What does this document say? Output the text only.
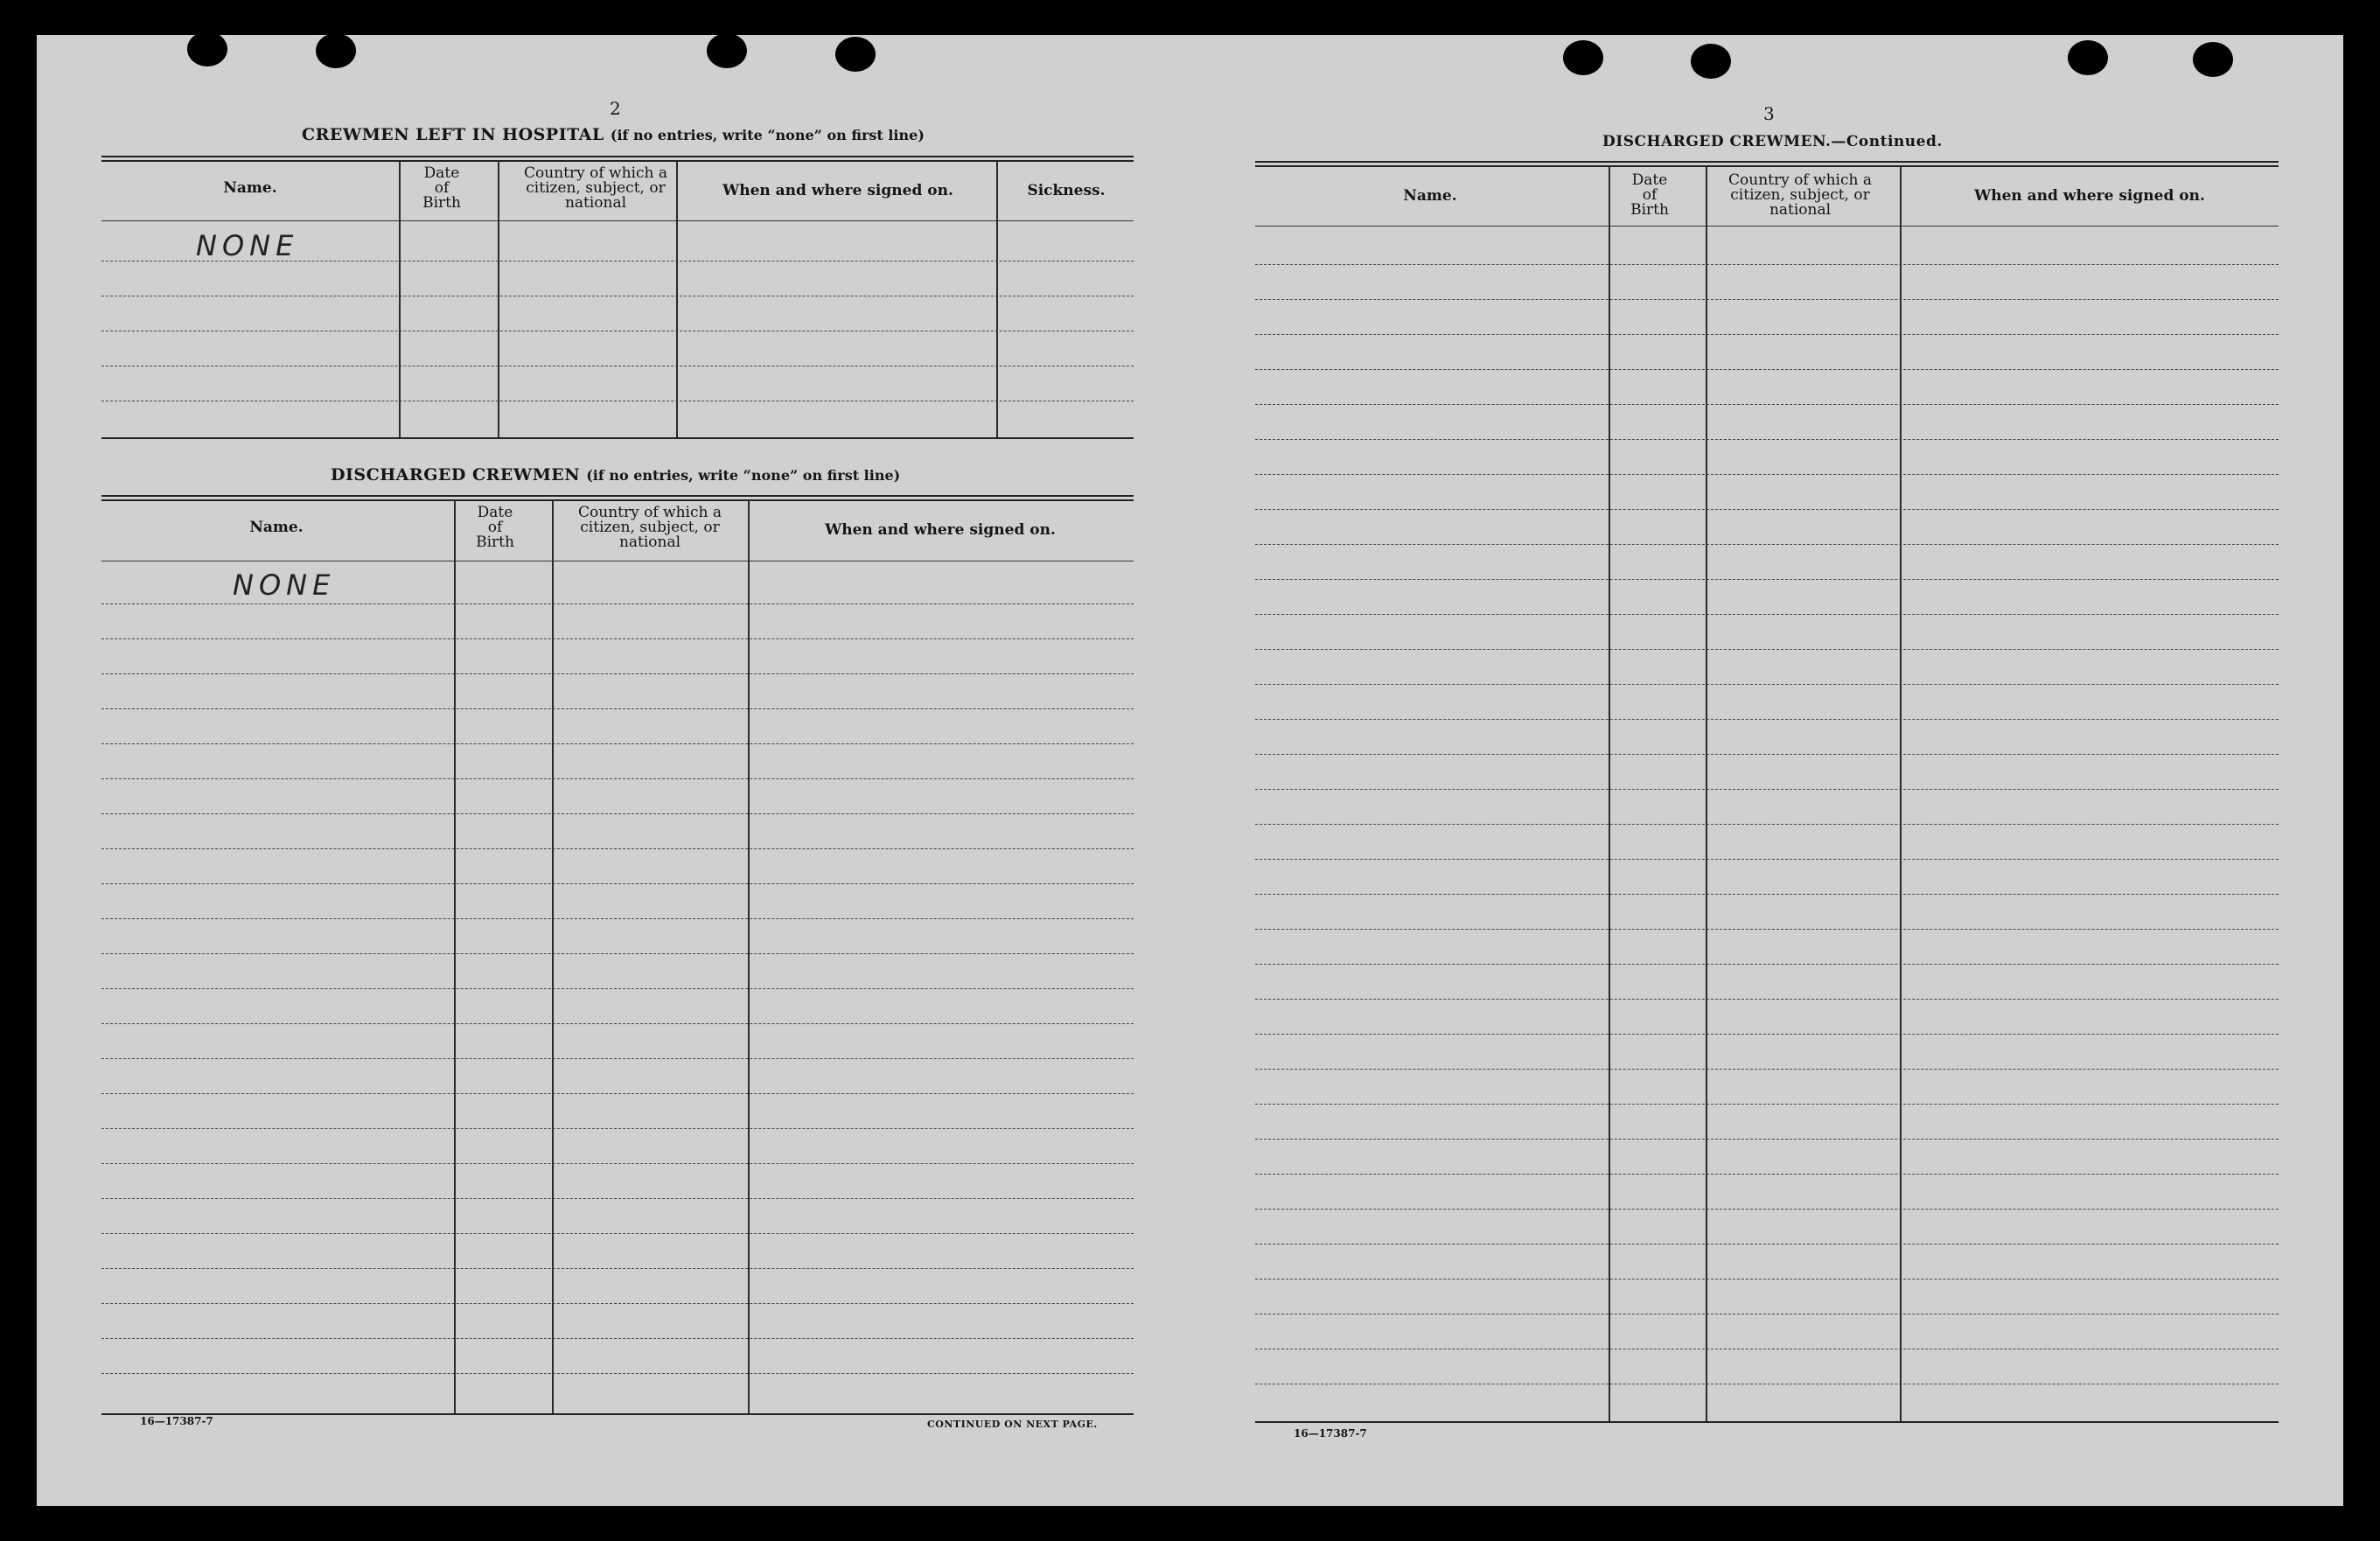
2
CREWMEN LEFT IN HOSPITAL (if no entries, write “none” on first line)
Name.
Date of Birth
Country of which a citizen, subject, or national
When and where signed on.	Sickness.
NONE
DISCHARGED CREWMEN (if no entries, write “none” on first line)
Name.
Date of Birth
Country of which a citizen, subject, or national
When and where signed on.
NONE
16—17387-7	CONTINUED ON NEXT PAGE.
3
DISCHARGED CREWMEN.—Continued.
Name.
Date of Birth
Country of which a citizen, subject, or national
When and where signed on.
16—17387-7
